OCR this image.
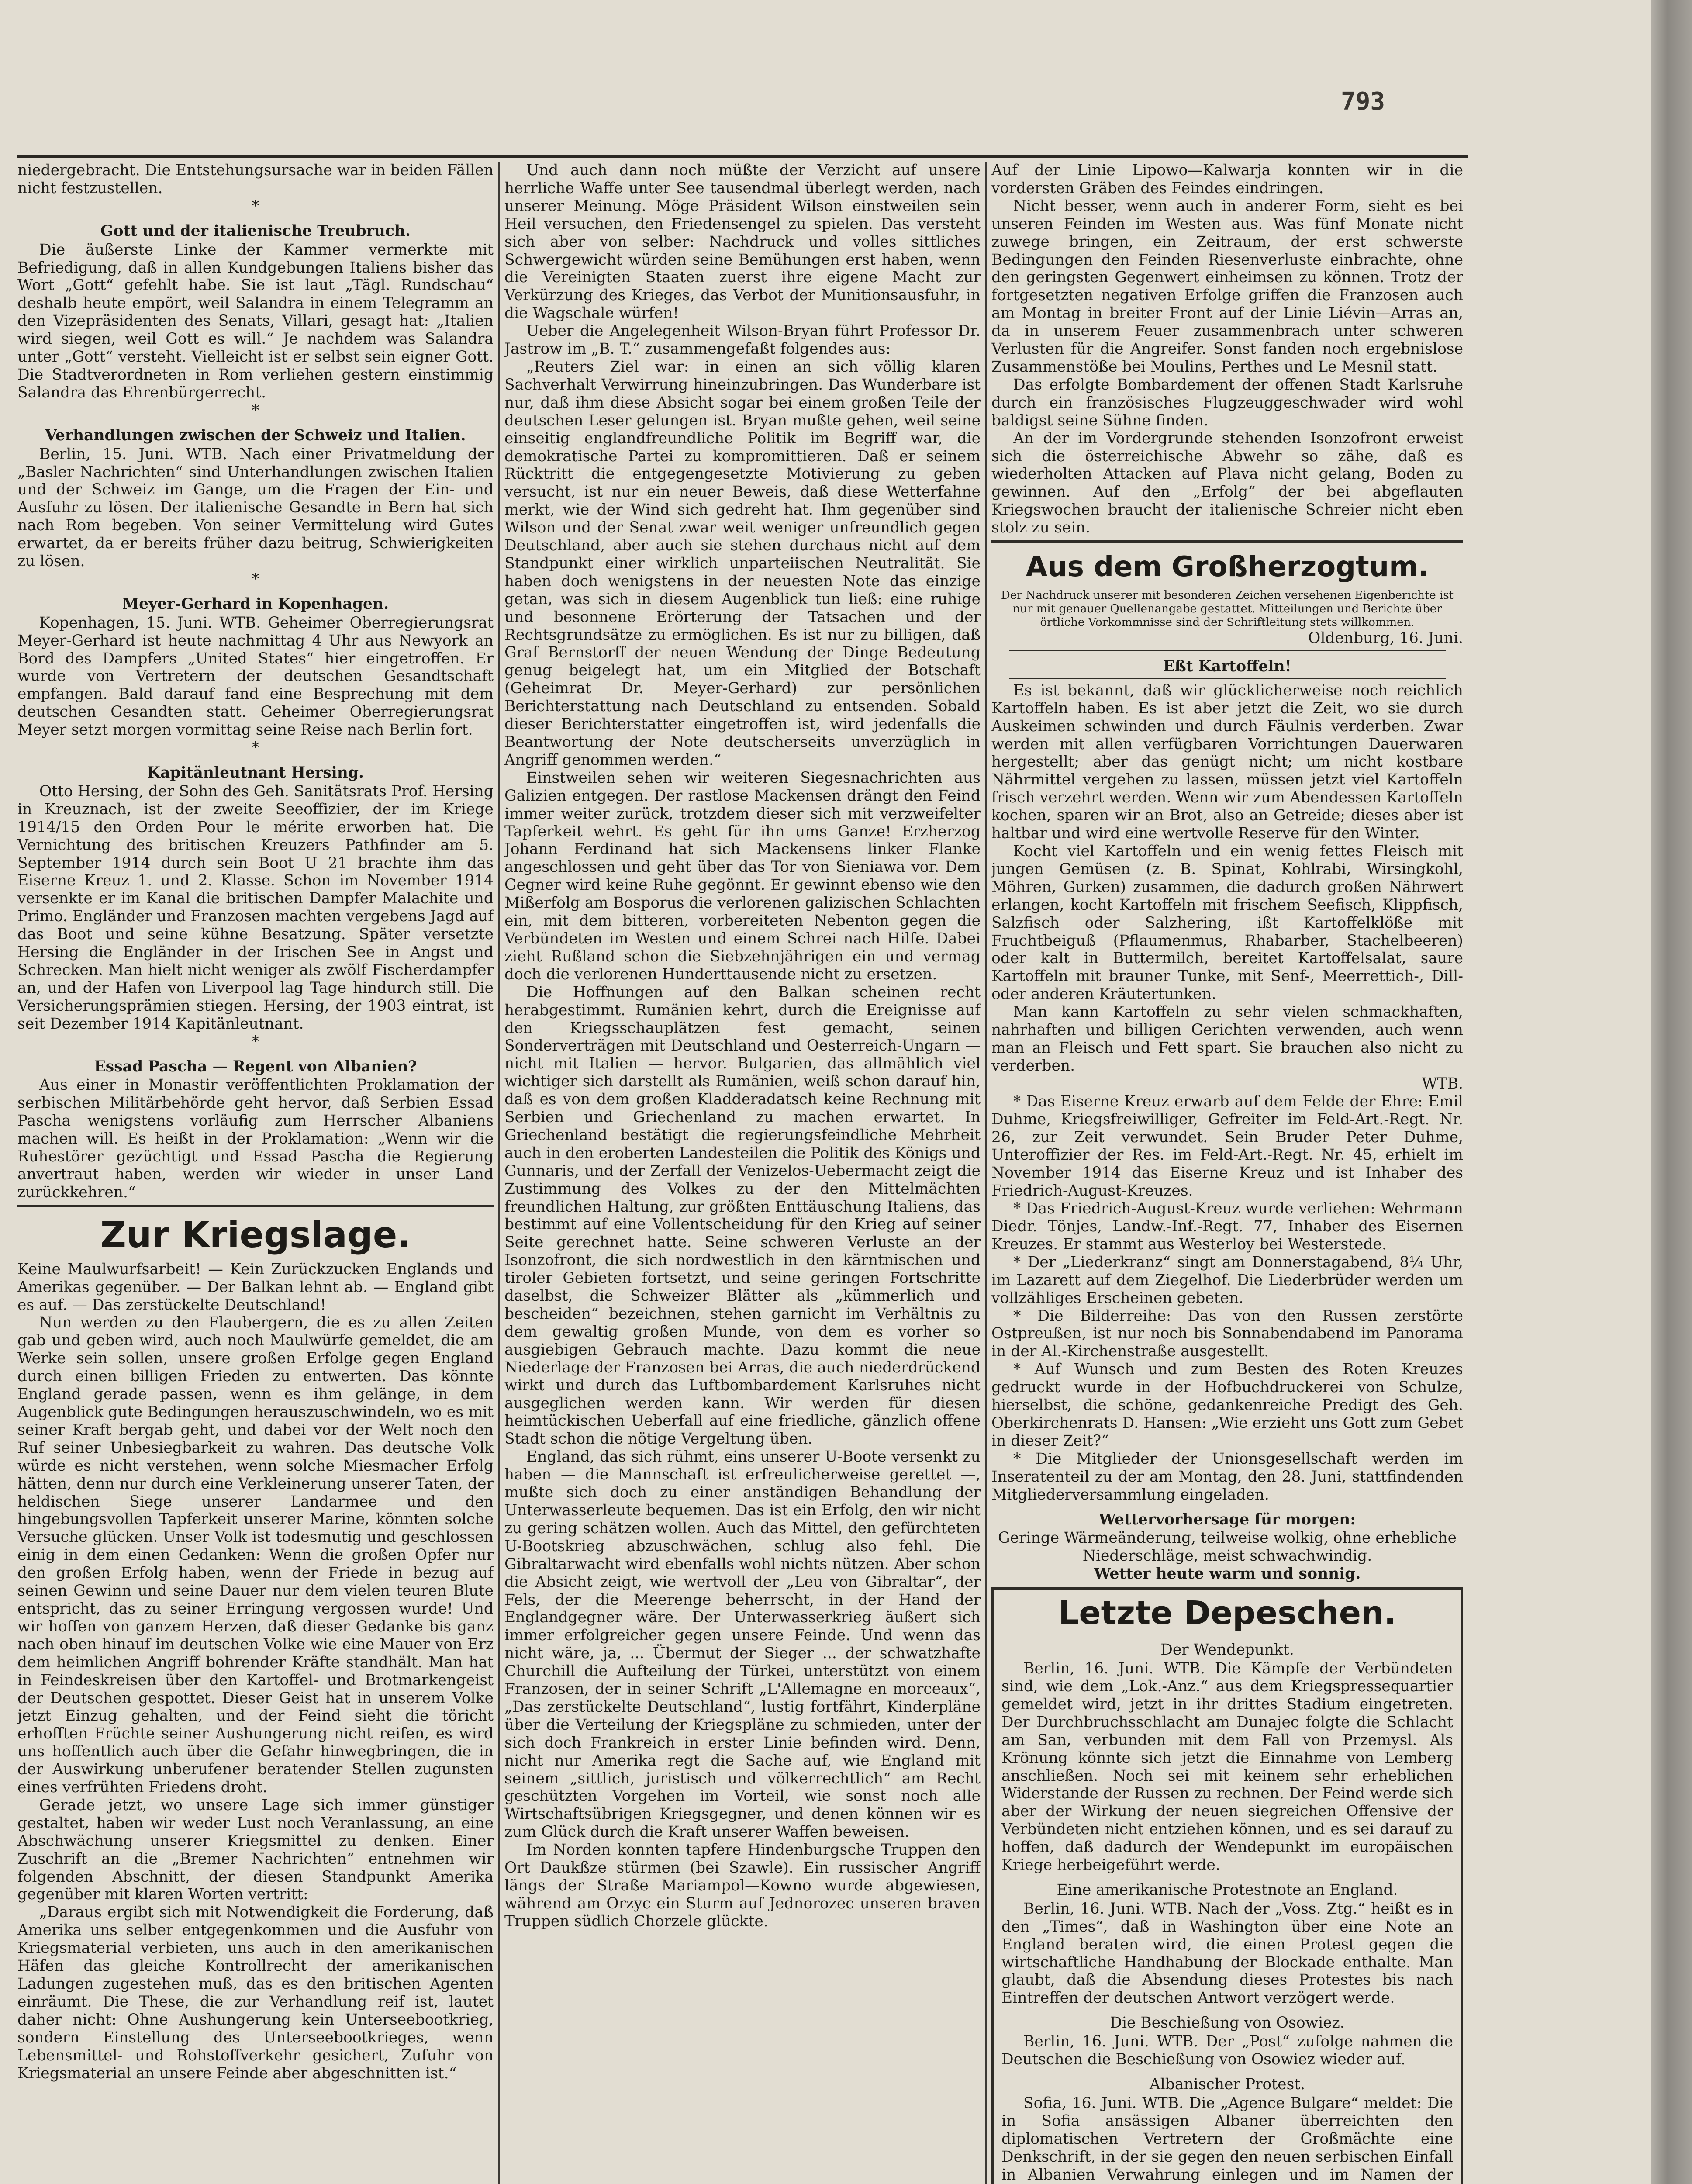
793

niedergebracht. Die Entstehungsursache war in beiden Fällen nicht festzustellen.

*
Gott und der italienische Treubruch.

Die äußerste Linke der Kammer vermerkte mit Befriedigung, daß in allen Kundgebungen Italiens bisher das Wort „Gott“ gefehlt habe. Sie ist laut „Tägl. Rundschau“ deshalb heute empört, weil Salandra in einem Telegramm an den Vizepräsidenten des Senats, Villari, gesagt hat: „Italien wird siegen, weil Gott es will.“ Je nachdem was Salandra unter „Gott“ versteht. Vielleicht ist er selbst sein eigner Gott. Die Stadtverordneten in Rom verliehen gestern einstimmig Salandra das Ehrenbürgerrecht.

*
Verhandlungen zwischen der Schweiz und Italien.

Berlin, 15. Juni. WTB. Nach einer Privatmeldung der „Basler Nachrichten“ sind Unterhandlungen zwischen Italien und der Schweiz im Gange, um die Fragen der Ein- und Ausfuhr zu lösen. Der italienische Gesandte in Bern hat sich nach Rom begeben. Von seiner Vermittelung wird Gutes erwartet, da er bereits früher dazu beitrug, Schwierigkeiten zu lösen.

*
Meyer-Gerhard in Kopenhagen.

Kopenhagen, 15. Juni. WTB. Geheimer Oberregierungsrat Meyer-Gerhard ist heute nachmittag 4 Uhr aus Newyork an Bord des Dampfers „United States“ hier eingetroffen. Er wurde von Vertretern der deutschen Gesandtschaft empfangen. Bald darauf fand eine Besprechung mit dem deutschen Gesandten statt. Geheimer Oberregierungsrat Meyer setzt morgen vormittag seine Reise nach Berlin fort.

*
Kapitänleutnant Hersing.

Otto Hersing, der Sohn des Geh. Sanitätsrats Prof. Hersing in Kreuznach, ist der zweite Seeoffizier, der im Kriege 1914/15 den Orden Pour le mérite erworben hat. Die Vernichtung des britischen Kreuzers Pathfinder am 5. September 1914 durch sein Boot U 21 brachte ihm das Eiserne Kreuz 1. und 2. Klasse. Schon im November 1914 versenkte er im Kanal die britischen Dampfer Malachite und Primo. Engländer und Franzosen machten vergebens Jagd auf das Boot und seine kühne Besatzung. Später versetzte Hersing die Engländer in der Irischen See in Angst und Schrecken. Man hielt nicht weniger als zwölf Fischerdampfer an, und der Hafen von Liverpool lag Tage hindurch still. Die Versicherungsprämien stiegen. Hersing, der 1903 eintrat, ist seit Dezember 1914 Kapitänleutnant.

*
Essad Pascha — Regent von Albanien?

Aus einer in Monastir veröffentlichten Proklamation der serbischen Militärbehörde geht hervor, daß Serbien Essad Pascha wenigstens vorläufig zum Herrscher Albaniens machen will. Es heißt in der Proklamation: „Wenn wir die Ruhestörer gezüchtigt und Essad Pascha die Regierung anvertraut haben, werden wir wieder in unser Land zurückkehren.“

Zur Kriegslage.

Keine Maulwurfsarbeit! — Kein Zurückzucken Englands und Amerikas gegenüber. — Der Balkan lehnt ab. — England gibt es auf. — Das zerstückelte Deutschland!

Nun werden zu den Flaubergern, die es zu allen Zeiten gab und geben wird, auch noch Maulwürfe gemeldet, die am Werke sein sollen, unsere großen Erfolge gegen England durch einen billigen Frieden zu entwerten. Das könnte England gerade passen, wenn es ihm gelänge, in dem Augenblick gute Bedingungen herauszuschwindeln, wo es mit seiner Kraft bergab geht, und dabei vor der Welt noch den Ruf seiner Unbesiegbarkeit zu wahren. Das deutsche Volk würde es nicht verstehen, wenn solche Miesmacher Erfolg hätten, denn nur durch eine Verkleinerung unserer Taten, der heldischen Siege unserer Landarmee und den hingebungsvollen Tapferkeit unserer Marine, könnten solche Versuche glücken. Unser Volk ist todesmutig und geschlossen einig in dem einen Gedanken: Wenn die großen Opfer nur den großen Erfolg haben, wenn der Friede in bezug auf seinen Gewinn und seine Dauer nur dem vielen teuren Blute entspricht, das zu seiner Erringung vergossen wurde! Und wir hoffen von ganzem Herzen, daß dieser Gedanke bis ganz nach oben hinauf im deutschen Volke wie eine Mauer von Erz dem heimlichen Angriff bohrender Kräfte standhält. Man hat in Feindeskreisen über den Kartoffel- und Brotmarkengeist der Deutschen gespottet. Dieser Geist hat in unserem Volke jetzt Einzug gehalten, und der Feind sieht die töricht erhofften Früchte seiner Aushungerung nicht reifen, es wird uns hoffentlich auch über die Gefahr hinwegbringen, die in der Auswirkung unberufener beratender Stellen zugunsten eines verfrühten Friedens droht.

Gerade jetzt, wo unsere Lage sich immer günstiger gestaltet, haben wir weder Lust noch Veranlassung, an eine Abschwächung unserer Kriegsmittel zu denken. Einer Zuschrift an die „Bremer Nachrichten“ entnehmen wir folgenden Abschnitt, der diesen Standpunkt Amerika gegenüber mit klaren Worten vertritt:

„Daraus ergibt sich mit Notwendigkeit die Forderung, daß Amerika uns selber entgegenkommen und die Ausfuhr von Kriegsmaterial verbieten, uns auch in den amerikanischen Häfen das gleiche Kontrollrecht der amerikanischen Ladungen zugestehen muß, das es den britischen Agenten einräumt. Die These, die zur Verhandlung reif ist, lautet daher nicht: Ohne Aushungerung kein Unterseebootkrieg, sondern Einstellung des Unterseebootkrieges, wenn Lebensmittel- und Rohstoffverkehr gesichert, Zufuhr von Kriegsmaterial an unsere Feinde aber abgeschnitten ist.“

Und auch dann noch müßte der Verzicht auf unsere herrliche Waffe unter See tausendmal überlegt werden, nach unserer Meinung. Möge Präsident Wilson einstweilen sein Heil versuchen, den Friedensengel zu spielen. Das versteht sich aber von selber: Nachdruck und volles sittliches Schwergewicht würden seine Bemühungen erst haben, wenn die Vereinigten Staaten zuerst ihre eigene Macht zur Verkürzung des Krieges, das Verbot der Munitionsausfuhr, in die Wagschale würfen!

Ueber die Angelegenheit Wilson-Bryan führt Professor Dr. Jastrow im „B. T.“ zusammengefaßt folgendes aus:

„Reuters Ziel war: in einen an sich völlig klaren Sachverhalt Verwirrung hineinzubringen. Das Wunderbare ist nur, daß ihm diese Absicht sogar bei einem großen Teile der deutschen Leser gelungen ist. Bryan mußte gehen, weil seine einseitig englandfreundliche Politik im Begriff war, die demokratische Partei zu kompromittieren. Daß er seinem Rücktritt die entgegengesetzte Motivierung zu geben versucht, ist nur ein neuer Beweis, daß diese Wetterfahne merkt, wie der Wind sich gedreht hat. Ihm gegenüber sind Wilson und der Senat zwar weit weniger unfreundlich gegen Deutschland, aber auch sie stehen durchaus nicht auf dem Standpunkt einer wirklich unparteiischen Neutralität. Sie haben doch wenigstens in der neuesten Note das einzige getan, was sich in diesem Augenblick tun ließ: eine ruhige und besonnene Erörterung der Tatsachen und der Rechtsgrundsätze zu ermöglichen. Es ist nur zu billigen, daß Graf Bernstorff der neuen Wendung der Dinge Bedeutung genug beigelegt hat, um ein Mitglied der Botschaft (Geheimrat Dr. Meyer-Gerhard) zur persönlichen Berichterstattung nach Deutschland zu entsenden. Sobald dieser Berichterstatter eingetroffen ist, wird jedenfalls die Beantwortung der Note deutscherseits unverzüglich in Angriff genommen werden.“

Einstweilen sehen wir weiteren Siegesnachrichten aus Galizien entgegen. Der rastlose Mackensen drängt den Feind immer weiter zurück, trotzdem dieser sich mit verzweifelter Tapferkeit wehrt. Es geht für ihn ums Ganze! Erzherzog Johann Ferdinand hat sich Mackensens linker Flanke angeschlossen und geht über das Tor von Sieniawa vor. Dem Gegner wird keine Ruhe gegönnt. Er gewinnt ebenso wie den Mißerfolg am Bosporus die verlorenen galizischen Schlachten ein, mit dem bitteren, vorbereiteten Nebenton gegen die Verbündeten im Westen und einem Schrei nach Hilfe. Dabei zieht Rußland schon die Siebzehnjährigen ein und vermag doch die verlorenen Hunderttausende nicht zu ersetzen.

Die Hoffnungen auf den Balkan scheinen recht herabgestimmt. Rumänien kehrt, durch die Ereignisse auf den Kriegsschauplätzen fest gemacht, seinen Sonderverträgen mit Deutschland und Oesterreich-Ungarn — nicht mit Italien — hervor. Bulgarien, das allmählich viel wichtiger sich darstellt als Rumänien, weiß schon darauf hin, daß es von dem großen Kladderadatsch keine Rechnung mit Serbien und Griechenland zu machen erwartet. In Griechenland bestätigt die regierungsfeindliche Mehrheit auch in den eroberten Landesteilen die Politik des Königs und Gunnaris, und der Zerfall der Venizelos-Uebermacht zeigt die Zustimmung des Volkes zu der den Mittelmächten freundlichen Haltung, zur größten Enttäuschung Italiens, das bestimmt auf eine Vollentscheidung für den Krieg auf seiner Seite gerechnet hatte. Seine schweren Verluste an der Isonzofront, die sich nordwestlich in den kärntnischen und tiroler Gebieten fortsetzt, und seine geringen Fortschritte daselbst, die Schweizer Blätter als „kümmerlich und bescheiden“ bezeichnen, stehen garnicht im Verhältnis zu dem gewaltig großen Munde, von dem es vorher so ausgiebigen Gebrauch machte. Dazu kommt die neue Niederlage der Franzosen bei Arras, die auch niederdrückend wirkt und durch das Luftbombardement Karlsruhes nicht ausgeglichen werden kann. Wir werden für diesen heimtückischen Ueberfall auf eine friedliche, gänzlich offene Stadt schon die nötige Vergeltung üben.

England, das sich rühmt, eins unserer U-Boote versenkt zu haben — die Mannschaft ist erfreulicherweise gerettet —, mußte sich doch zu einer anständigen Behandlung der Unterwasserleute bequemen. Das ist ein Erfolg, den wir nicht zu gering schätzen wollen. Auch das Mittel, den gefürchteten U-Bootskrieg abzuschwächen, schlug also fehl. Die Gibraltarwacht wird ebenfalls wohl nichts nützen. Aber schon die Absicht zeigt, wie wertvoll der „Leu von Gibraltar“, der Fels, der die Meerenge beherrscht, in der Hand der Englandgegner wäre. Der Unterwasserkrieg äußert sich immer erfolgreicher gegen unsere Feinde. Und wenn das nicht wäre, ja, ... Übermut der Sieger ... der schwatzhafte Churchill die Aufteilung der Türkei, unterstützt von einem Franzosen, der in seiner Schrift „L'Allemagne en morceaux“, „Das zerstückelte Deutschland“, lustig fortfährt, Kinderpläne über die Verteilung der Kriegspläne zu schmieden, unter der sich doch Frankreich in erster Linie befinden wird. Denn, nicht nur Amerika regt die Sache auf, wie England mit seinem „sittlich, juristisch und völkerrechtlich“ am Recht geschützten Vorgehen im Vorteil, wie sonst noch alle Wirtschaftsübrigen Kriegsgegner, und denen können wir es zum Glück durch die Kraft unserer Waffen beweisen.

Im Norden konnten tapfere Hindenburgsche Truppen den Ort Daukßze stürmen (bei Szawle). Ein russischer Angriff längs der Straße Mariampol—Kowno wurde abgewiesen, während am Orzyc ein Sturm auf Jednorozec unseren braven Truppen südlich Chorzele glückte.

Auf der Linie Lipowo—Kalwarja konnten wir in die vordersten Gräben des Feindes eindringen.

Nicht besser, wenn auch in anderer Form, sieht es bei unseren Feinden im Westen aus. Was fünf Monate nicht zuwege bringen, ein Zeitraum, der erst schwerste Bedingungen den Feinden Riesenverluste einbrachte, ohne den geringsten Gegenwert einheimsen zu können. Trotz der fortgesetzten negativen Erfolge griffen die Franzosen auch am Montag in breiter Front auf der Linie Liévin—Arras an, da in unserem Feuer zusammenbrach unter schweren Verlusten für die Angreifer. Sonst fanden noch ergebnislose Zusammenstöße bei Moulins, Perthes und Le Mesnil statt.

Das erfolgte Bombardement der offenen Stadt Karlsruhe durch ein französisches Flugzeuggeschwader wird wohl baldigst seine Sühne finden.

An der im Vordergrunde stehenden Isonzofront erweist sich die österreichische Abwehr so zähe, daß es wiederholten Attacken auf Plava nicht gelang, Boden zu gewinnen. Auf den „Erfolg“ der bei abgeflauten Kriegswochen braucht der italienische Schreier nicht eben stolz zu sein.

Aus dem Großherzogtum.

Der Nachdruck unserer mit besonderen Zeichen versehenen Eigenberichte ist nur mit genauer Quellenangabe gestattet. Mitteilungen und Berichte über örtliche Vorkommnisse sind der Schriftleitung stets willkommen.

Oldenburg, 16. Juni.
Eßt Kartoffeln!

Es ist bekannt, daß wir glücklicherweise noch reichlich Kartoffeln haben. Es ist aber jetzt die Zeit, wo sie durch Auskeimen schwinden und durch Fäulnis verderben. Zwar werden mit allen verfügbaren Vorrichtungen Dauerwaren hergestellt; aber das genügt nicht; um nicht kostbare Nährmittel vergehen zu lassen, müssen jetzt viel Kartoffeln frisch verzehrt werden. Wenn wir zum Abendessen Kartoffeln kochen, sparen wir an Brot, also an Getreide; dieses aber ist haltbar und wird eine wertvolle Reserve für den Winter.

Kocht viel Kartoffeln und ein wenig fettes Fleisch mit jungen Gemüsen (z. B. Spinat, Kohlrabi, Wirsingkohl, Möhren, Gurken) zusammen, die dadurch großen Nährwert erlangen, kocht Kartoffeln mit frischem Seefisch, Klippfisch, Salzfisch oder Salzhering, ißt Kartoffelklöße mit Fruchtbeiguß (Pflaumenmus, Rhabarber, Stachelbeeren) oder kalt in Buttermilch, bereitet Kartoffelsalat, saure Kartoffeln mit brauner Tunke, mit Senf-, Meerrettich-, Dill- oder anderen Kräutertunken.

Man kann Kartoffeln zu sehr vielen schmackhaften, nahrhaften und billigen Gerichten verwenden, auch wenn man an Fleisch und Fett spart. Sie brauchen also nicht zu verderben.

WTB.

* Das Eiserne Kreuz erwarb auf dem Felde der Ehre: Emil Duhme, Kriegsfreiwilliger, Gefreiter im Feld-Art.-Regt. Nr. 26, zur Zeit verwundet. Sein Bruder Peter Duhme, Unteroffizier der Res. im Feld-Art.-Regt. Nr. 45, erhielt im November 1914 das Eiserne Kreuz und ist Inhaber des Friedrich-August-Kreuzes.

* Das Friedrich-August-Kreuz wurde verliehen: Wehrmann Diedr. Tönjes, Landw.-Inf.-Regt. 77, Inhaber des Eisernen Kreuzes. Er stammt aus Westerloy bei Westerstede.

* Der „Liederkranz“ singt am Donnerstagabend, 8¼ Uhr, im Lazarett auf dem Ziegelhof. Die Liederbrüder werden um vollzähliges Erscheinen gebeten.

* Die Bilderreihe: Das von den Russen zerstörte Ostpreußen, ist nur noch bis Sonnabendabend im Panorama in der Al.-Kirchenstraße ausgestellt.

* Auf Wunsch und zum Besten des Roten Kreuzes gedruckt wurde in der Hofbuchdruckerei von Schulze, hierselbst, die schöne, gedankenreiche Predigt des Geh. Oberkirchenrats D. Hansen: „Wie erzieht uns Gott zum Gebet in dieser Zeit?“

* Die Mitglieder der Unionsgesellschaft werden im Inseratenteil zu der am Montag, den 28. Juni, stattfindenden Mitgliederversammlung eingeladen.

Wettervorhersage für morgen:

Geringe Wärmeänderung, teilweise wolkig, ohne erhebliche Niederschläge, meist schwachwindig.

Wetter heute warm und sonnig.

Letzte Depeschen.
Der Wendepunkt.

Berlin, 16. Juni. WTB. Die Kämpfe der Verbündeten sind, wie dem „Lok.-Anz.“ aus dem Kriegspressequartier gemeldet wird, jetzt in ihr drittes Stadium eingetreten. Der Durchbruchsschlacht am Dunajec folgte die Schlacht am San, verbunden mit dem Fall von Przemysl. Als Krönung könnte sich jetzt die Einnahme von Lemberg anschließen. Noch sei mit keinem sehr erheblichen Widerstande der Russen zu rechnen. Der Feind werde sich aber der Wirkung der neuen siegreichen Offensive der Verbündeten nicht entziehen können, und es sei darauf zu hoffen, daß dadurch der Wendepunkt im europäischen Kriege herbeigeführt werde.

Eine amerikanische Protestnote an England.

Berlin, 16. Juni. WTB. Nach der „Voss. Ztg.“ heißt es in den „Times“, daß in Washington über eine Note an England beraten wird, die einen Protest gegen die wirtschaftliche Handhabung der Blockade enthalte. Man glaubt, daß die Absendung dieses Protestes bis nach Eintreffen der deutschen Antwort verzögert werde.

Die Beschießung von Osowiez.

Berlin, 16. Juni. WTB. Der „Post“ zufolge nahmen die Deutschen die Beschießung von Osowiez wieder auf.

Albanischer Protest.

Sofia, 16. Juni. WTB. Die „Agence Bulgare“ meldet: Die in Sofia ansässigen Albaner überreichten den diplomatischen Vertretern der Großmächte eine Denkschrift, in der sie gegen den neuen serbischen Einfall in Albanien Verwahrung einlegen und im Namen der
